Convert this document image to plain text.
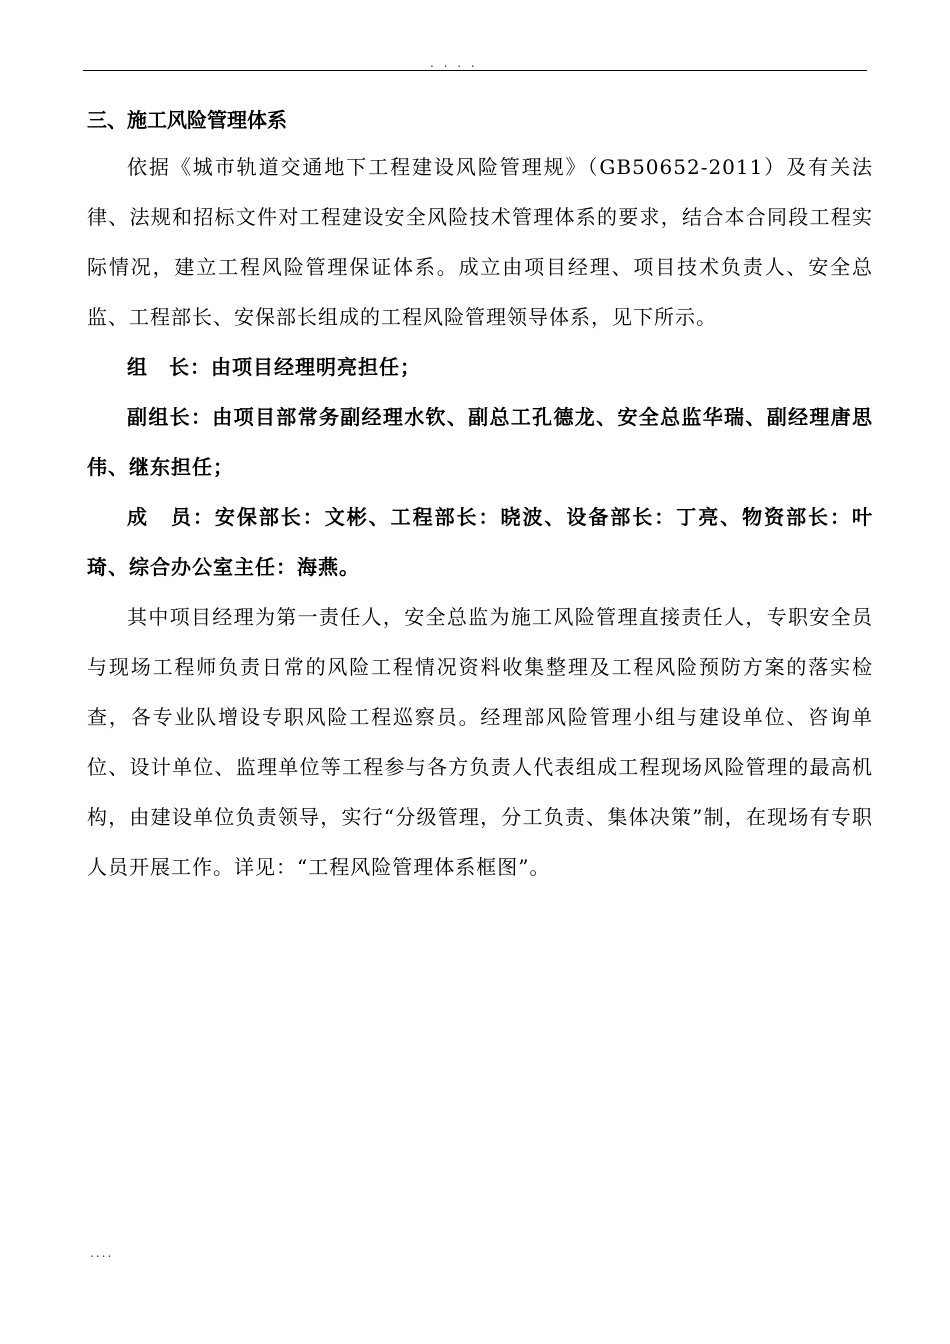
. . . .

三、施工风险管理体系

依据《城市轨道交通地下工程建设风险管理规》（GB50652-2011）及有关法律、法规和招标文件对工程建设安全风险技术管理体系的要求，结合本合同段工程实际情况，建立工程风险管理保证体系。成立由项目经理、项目技术负责人、安全总监、工程部长、安保部长组成的工程风险管理领导体系，见下所示。

组　长：由项目经理明亮担任；

副组长：由项目部常务副经理水钦、副总工孔德龙、安全总监华瑞、副经理唐思伟、继东担任；

成　员：安保部长：文彬、工程部长：晓波、设备部长：丁亮、物资部长：叶琦、综合办公室主任：海燕。

其中项目经理为第一责任人，安全总监为施工风险管理直接责任人，专职安全员与现场工程师负责日常的风险工程情况资料收集整理及工程风险预防方案的落实检查，各专业队增设专职风险工程巡察员。经理部风险管理小组与建设单位、咨询单位、设计单位、监理单位等工程参与各方负责人代表组成工程现场风险管理的最高机构，由建设单位负责领导，实行“分级管理，分工负责、集体决策”制，在现场有专职人员开展工作。详见：“工程风险管理体系框图”。

....
